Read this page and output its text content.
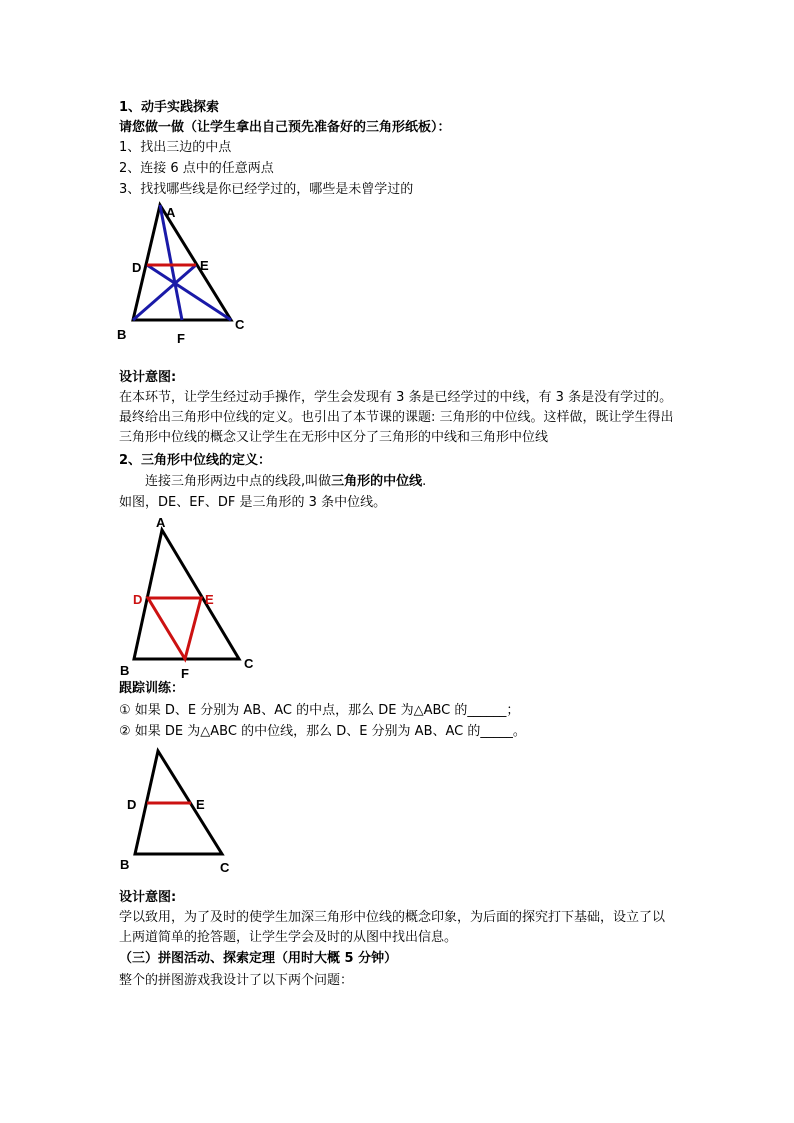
1、动手实践探索
请您做一做（让学生拿出自己预先准备好的三角形纸板）：
1、找出三边的中点
2、连接 6 点中的任意两点
3、找找哪些线是你已经学过的，哪些是未曾学过的
A
B
C
D	E
F
设计意图:
在本环节，让学生经过动手操作，学生会发现有 3 条是已经学过的中线，有 3 条是没有学过的。最终给出三角形中位线的定义。也引出了本节课的课题: 三角形的中位线。这样做，既让学生得出三角形中位线的概念又让学生在无形中区分了三角形的中线和三角形中位线
2、三角形中位线的定义：
连接三角形两边中点的线段,叫做三角形的中位线.
如图，DE、EF、DF 是三角形的 3 条中位线。
A
B	C
D	E
F
跟踪训练：
① 如果 D、E 分别为 AB、AC 的中点，那么 DE 为△ABC 的______；
② 如果 DE 为△ABC 的中位线，那么 D、E 分别为 AB、AC 的_____。
D	E
B	C
设计意图:
学以致用，为了及时的使学生加深三角形中位线的概念印象，为后面的探究打下基础，设立了以上两道简单的抢答题，让学生学会及时的从图中找出信息。
（三）拼图活动、探索定理（用时大概 5 分钟）
整个的拼图游戏我设计了以下两个问题：
